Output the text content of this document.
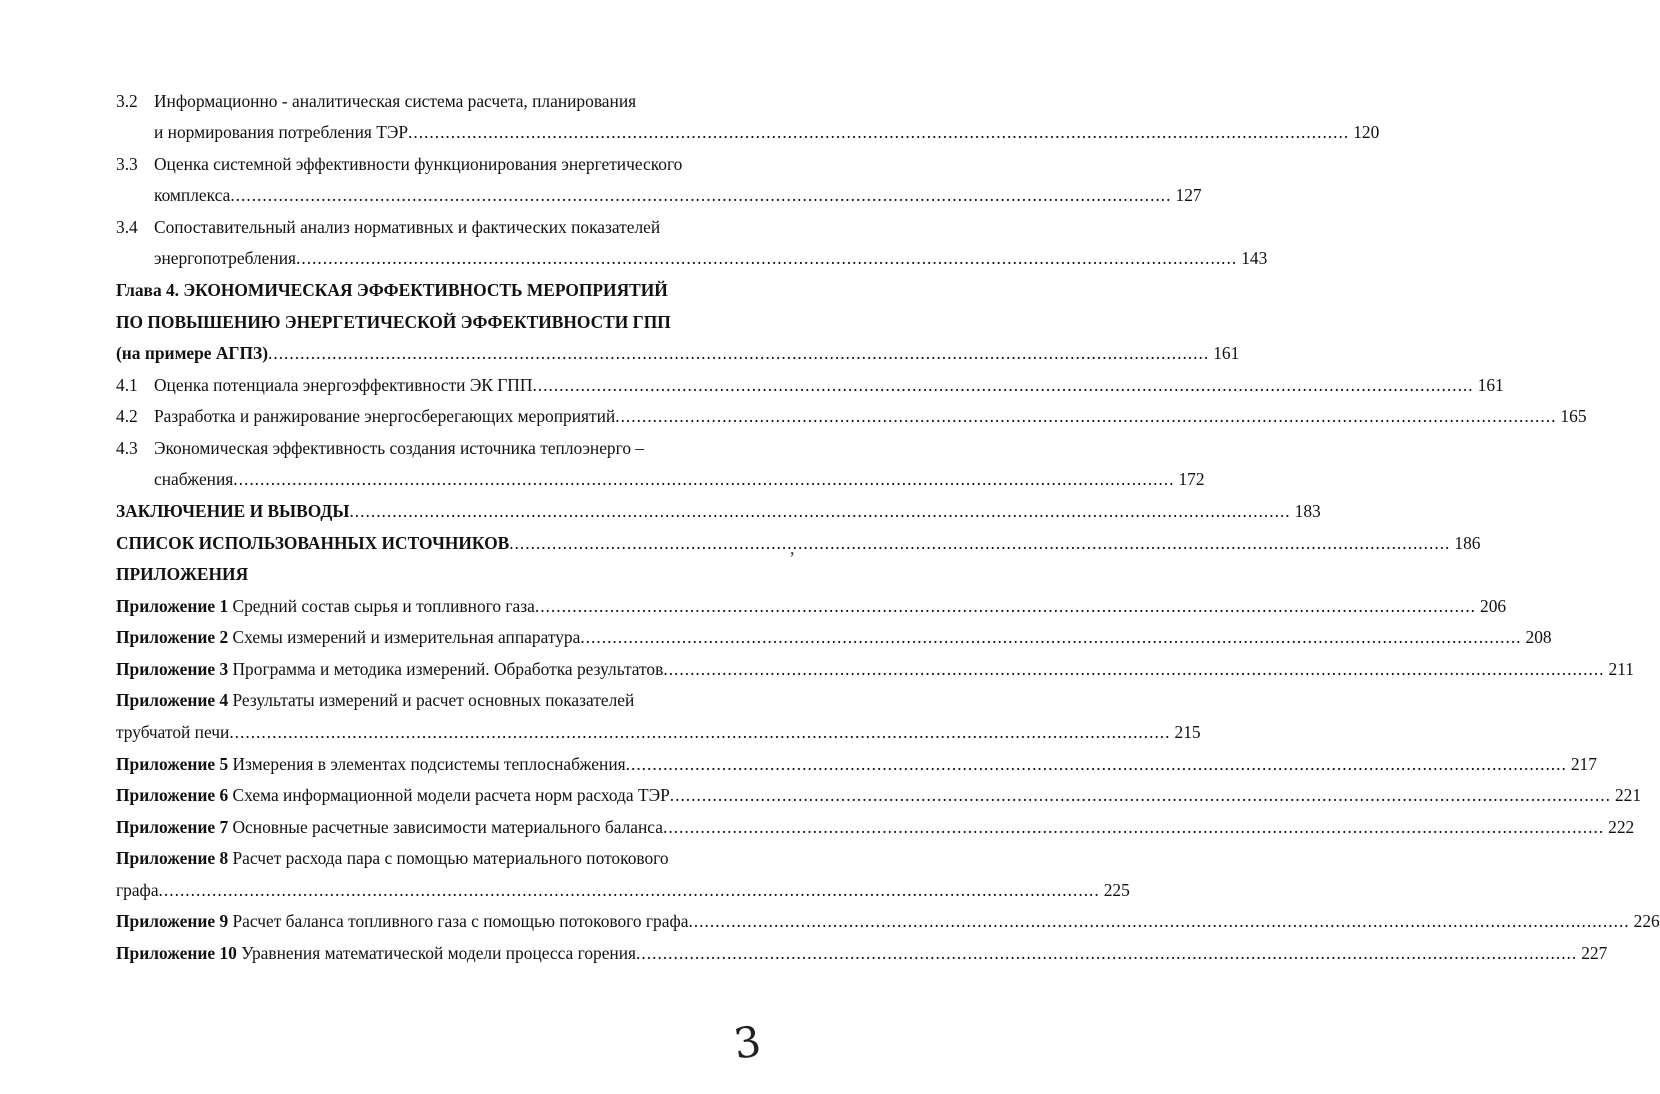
3.2 Информационно - аналитическая система расчета, планирования
и нормирования потребления ТЭР .....	120
3.3 Оценка системной эффективности функционирования энергетического
комплекса .....	127
3.4 Сопоставительный анализ нормативных и фактических показателей
энергопотребления .....	143
Глава 4. ЭКОНОМИЧЕСКАЯ ЭФФЕКТИВНОСТЬ МЕРОПРИЯТИЙ
ПО ПОВЫШЕНИЮ ЭНЕРГЕТИЧЕСКОЙ ЭФФЕКТИВНОСТИ ГПП
(на примере АГПЗ) .....	161
4.1 Оценка потенциала энергоэффективности ЭК ГПП .....	161
4.2 Разработка и ранжирование энергосберегающих мероприятий .....	165
4.3 Экономическая эффективность создания источника теплоэнерго –
снабжения .....	172
ЗАКЛЮЧЕНИЕ И ВЫВОДЫ .....	183
СПИСОК ИСПОЛЬЗОВАННЫХ ИСТОЧНИКОВ .....	186
,
ПРИЛОЖЕНИЯ
Приложение 1 Средний состав сырья и топливного газа .....	206
Приложение 2 Схемы измерений и измерительная аппаратура .....	208
Приложение 3 Программа и методика измерений. Обработка результатов .....	211
Приложение 4 Результаты измерений и расчет основных показателей
трубчатой печи .....	215
Приложение 5 Измерения в элементах подсистемы теплоснабжения .....	217
Приложение 6 Схема информационной модели расчета норм расхода ТЭР .....	221
Приложение 7 Основные расчетные зависимости материального баланса .....	222
Приложение 8 Расчет расхода пара с помощью материального потокового
графа .....	225
Приложение 9 Расчет баланса топливного газа с помощью потокового графа .....	226
Приложение 10 Уравнения математической модели процесса горения .....	227
3
